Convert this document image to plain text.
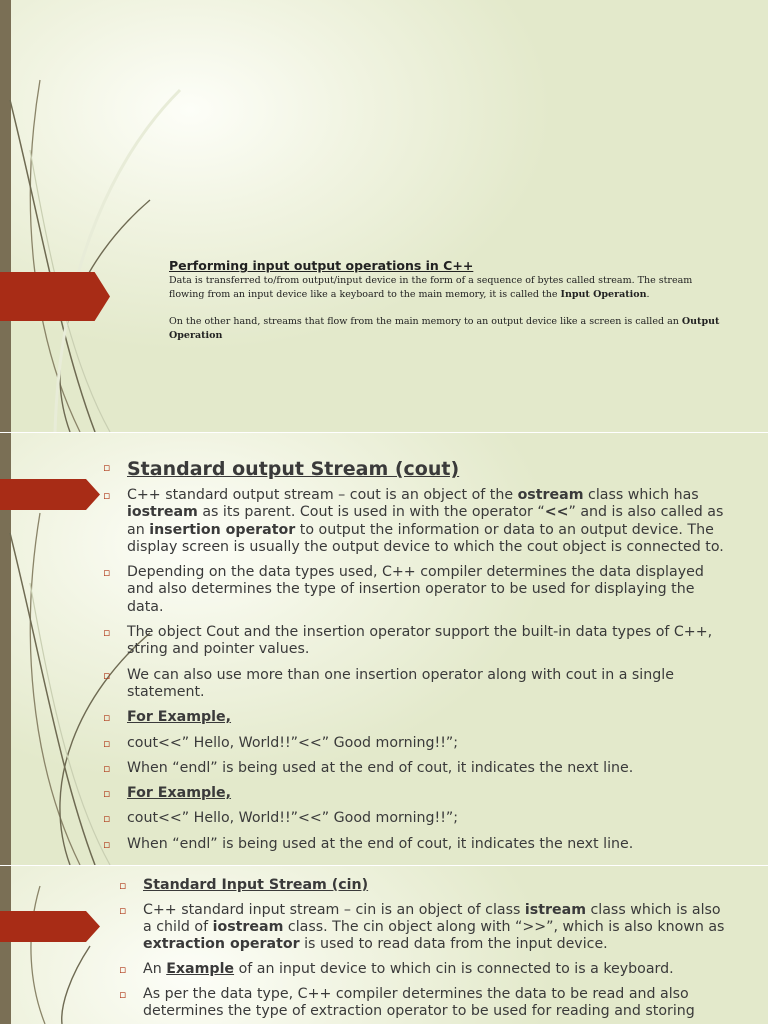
Performing input output operations in C++

Data is transferred to/from output/input device in the form of a sequence of bytes called stream. The stream flowing from an input device like a keyboard to the main memory, it is called the Input Operation.

On the other hand, streams that flow from the main memory to an output device like a screen is called an Output Operation

▫ Standard output Stream (cout)
▫ C++ standard output stream – cout is an object of the ostream class which has iostream as its parent. Cout is used in with the operator “<<” and is also called as an insertion operator to output the information or data to an output device. The display screen is usually the output device to which the cout object is connected to.
▫ Depending on the data types used, C++ compiler determines the data displayed and also determines the type of insertion operator to be used for displaying the data.
▫ The object Cout and the insertion operator support the built-in data types of C++, string and pointer values.
▫ We can also use more than one insertion operator along with cout in a single statement.
▫ For Example,
▫ cout<<” Hello, World!!”<<” Good morning!!”;
▫ When “endl” is being used at the end of cout, it indicates the next line.
▫ For Example,
▫ cout<<” Hello, World!!”<<” Good morning!!”;
▫ When “endl” is being used at the end of cout, it indicates the next line.
▫ Standard Input Stream (cin)
▫ C++ standard input stream – cin is an object of class istream class which is also a child of iostream class. The cin object along with “>>”, which is also known as extraction operator is used to read data from the input device.
▫ An Example of an input device to which cin is connected to is a keyboard.
▫ As per the data type, C++ compiler determines the data to be read and also determines the type of extraction operator to be used for reading and storing
